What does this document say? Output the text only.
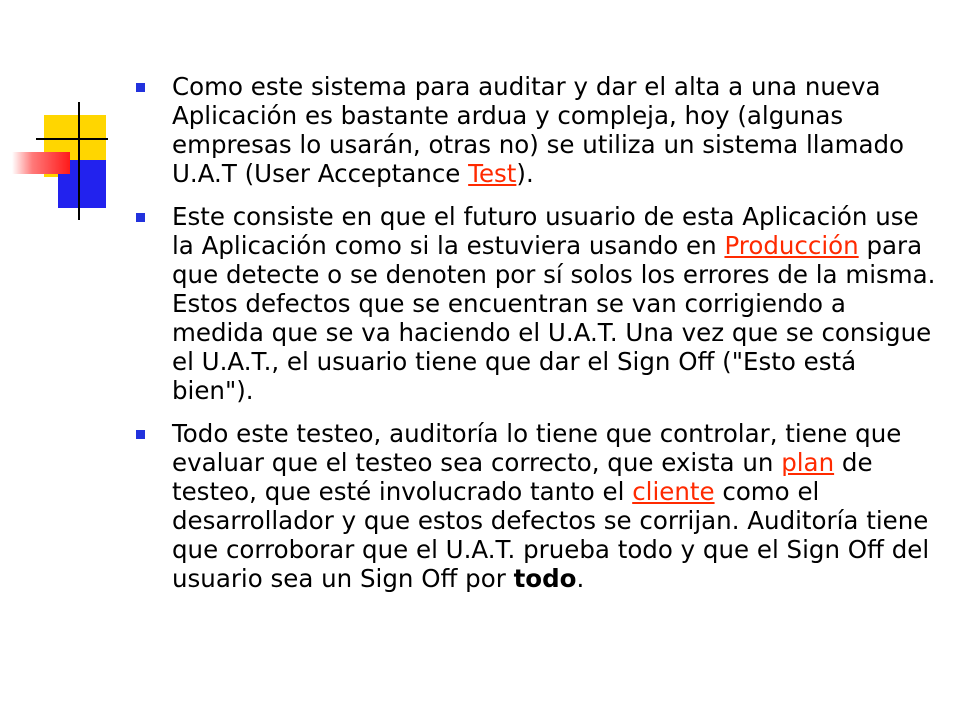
Como este sistema para auditar y dar el alta a una nueva Aplicación es bastante ardua y compleja, hoy (algunas empresas lo usarán, otras no) se utiliza un sistema llamado U.A.T (User Acceptance Test).
Este consiste en que el futuro usuario de esta Aplicación use la Aplicación como si la estuviera usando en Producción para que detecte o se denoten por sí solos los errores de la misma. Estos defectos que se encuentran se van corrigiendo a medida que se va haciendo el U.A.T. Una vez que se consigue el U.A.T., el usuario tiene que dar el Sign Off ("Esto está bien").
Todo este testeo, auditoría lo tiene que controlar, tiene que evaluar que el testeo sea correcto, que exista un plan de testeo, que esté involucrado tanto el cliente como el desarrollador y que estos defectos se corrijan. Auditoría tiene que corroborar que el U.A.T. prueba todo y que el Sign Off del usuario sea un Sign Off por todo.
